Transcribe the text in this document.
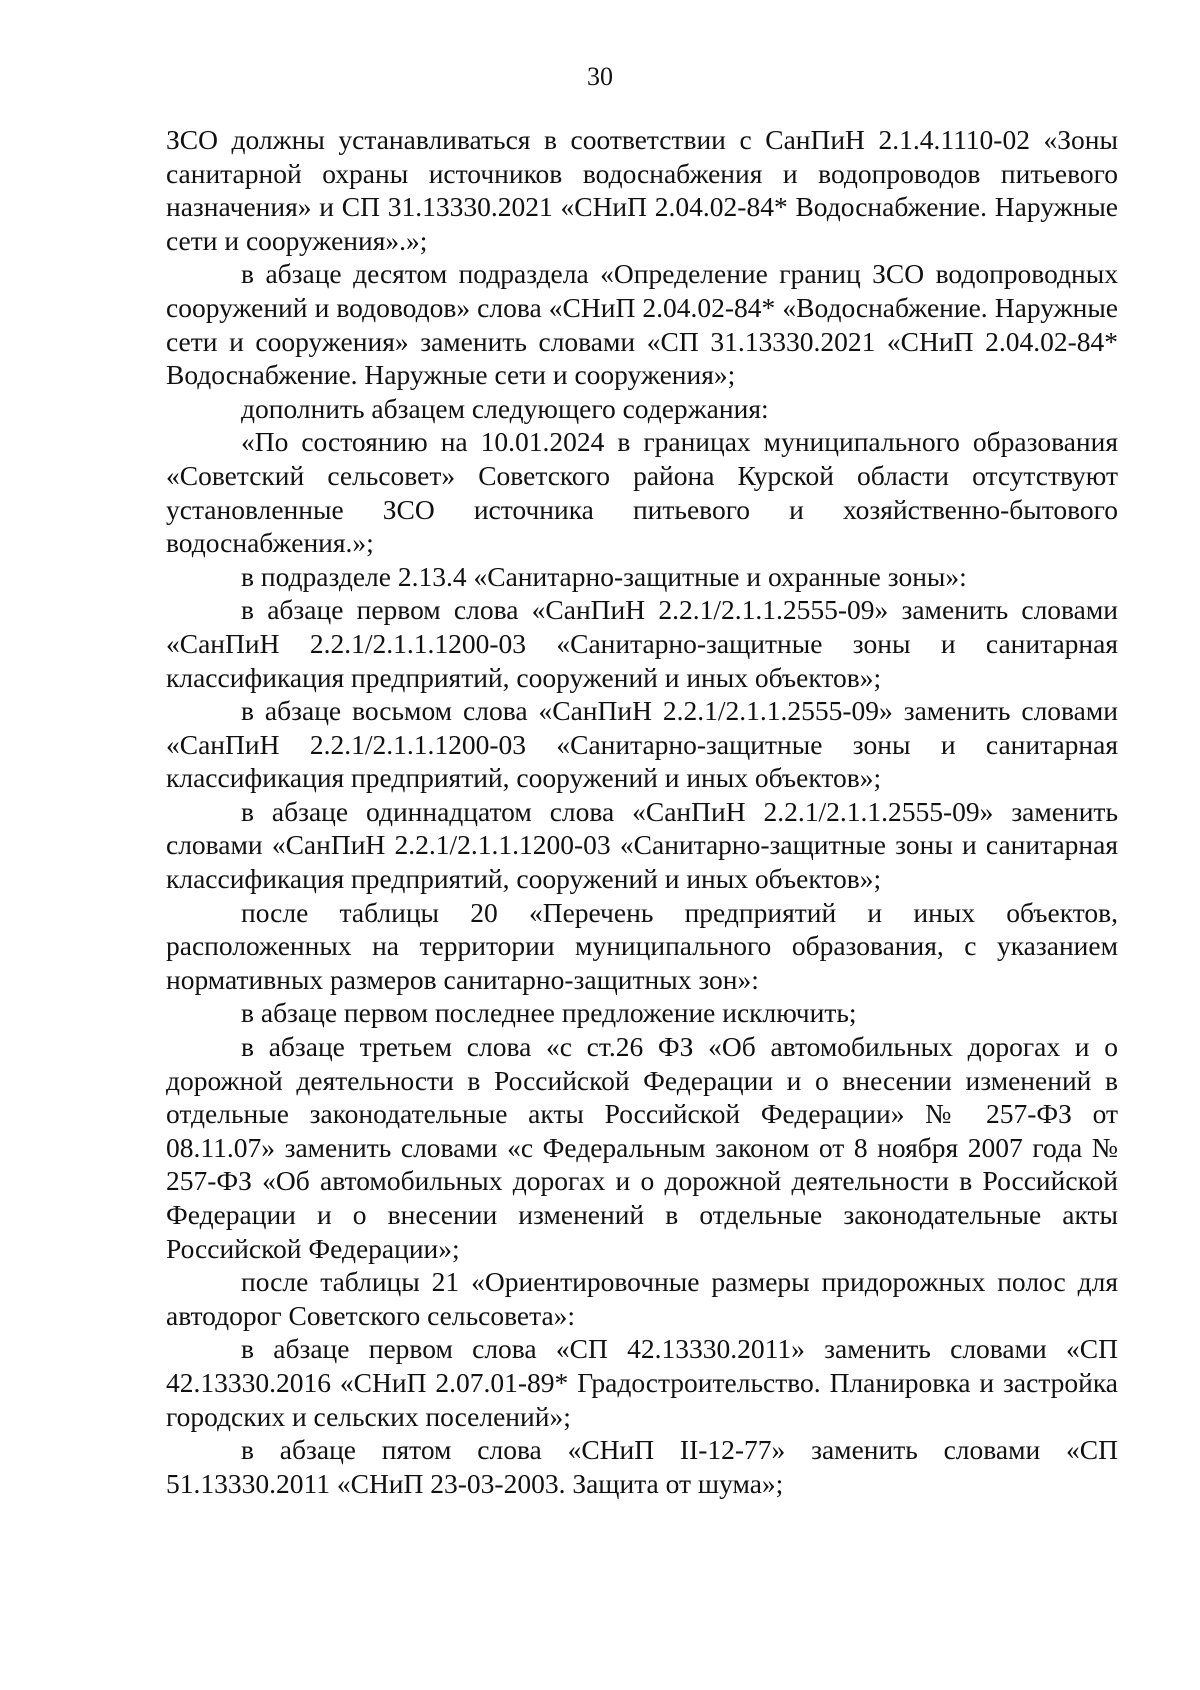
30

ЗСО должны устанавливаться в соответствии с СанПиН 2.1.4.1110-02 «Зоны санитарной охраны источников водоснабжения и водопроводов питьевого назначения» и СП 31.13330.2021 «СНиП 2.04.02-84* Водоснабжение. Наружные сети и сооружения».»;

в абзаце десятом подраздела «Определение границ ЗСО водопроводных сооружений и водоводов» слова «СНиП 2.04.02-84* «Водоснабжение. Наружные сети и сооружения» заменить словами «СП 31.13330.2021 «СНиП 2.04.02-84* Водоснабжение. Наружные сети и сооружения»;

дополнить абзацем следующего содержания:

«По состоянию на 10.01.2024 в границах муниципального образования «Советский сельсовет» Советского района Курской области отсутствуют установленные ЗСО источника питьевого и хозяйственно-бытового водоснабжения.»;

в подразделе 2.13.4 «Санитарно-защитные и охранные зоны»:

в абзаце первом слова «СанПиН 2.2.1/2.1.1.2555-09» заменить словами «СанПиН 2.2.1/2.1.1.1200-03 «Санитарно-защитные зоны и санитарная классификация предприятий, сооружений и иных объектов»;

в абзаце восьмом слова «СанПиН 2.2.1/2.1.1.2555-09» заменить словами «СанПиН 2.2.1/2.1.1.1200-03 «Санитарно-защитные зоны и санитарная классификация предприятий, сооружений и иных объектов»;

в абзаце одиннадцатом слова «СанПиН 2.2.1/2.1.1.2555-09» заменить словами «СанПиН 2.2.1/2.1.1.1200-03 «Санитарно-защитные зоны и санитарная классификация предприятий, сооружений и иных объектов»;

после таблицы 20 «Перечень предприятий и иных объектов, расположенных на территории муниципального образования, с указанием нормативных размеров санитарно-защитных зон»:

в абзаце первом последнее предложение исключить;

в абзаце третьем слова «с ст.26 ФЗ «Об автомобильных дорогах и о дорожной деятельности в Российской Федерации и о внесении изменений в отдельные законодательные акты Российской Федерации» № 257-ФЗ от 08.11.07» заменить словами «с Федеральным законом от 8 ноября 2007 года № 257-ФЗ «Об автомобильных дорогах и о дорожной деятельности в Российской Федерации и о внесении изменений в отдельные законодательные акты Российской Федерации»;

после таблицы 21 «Ориентировочные размеры придорожных полос для автодорог Советского сельсовета»:

в абзаце первом слова «СП 42.13330.2011» заменить словами «СП 42.13330.2016 «СНиП 2.07.01-89* Градостроительство. Планировка и застройка городских и сельских поселений»;

в абзаце пятом слова «СНиП II-12-77» заменить словами «СП 51.13330.2011 «СНиП 23-03-2003. Защита от шума»;
